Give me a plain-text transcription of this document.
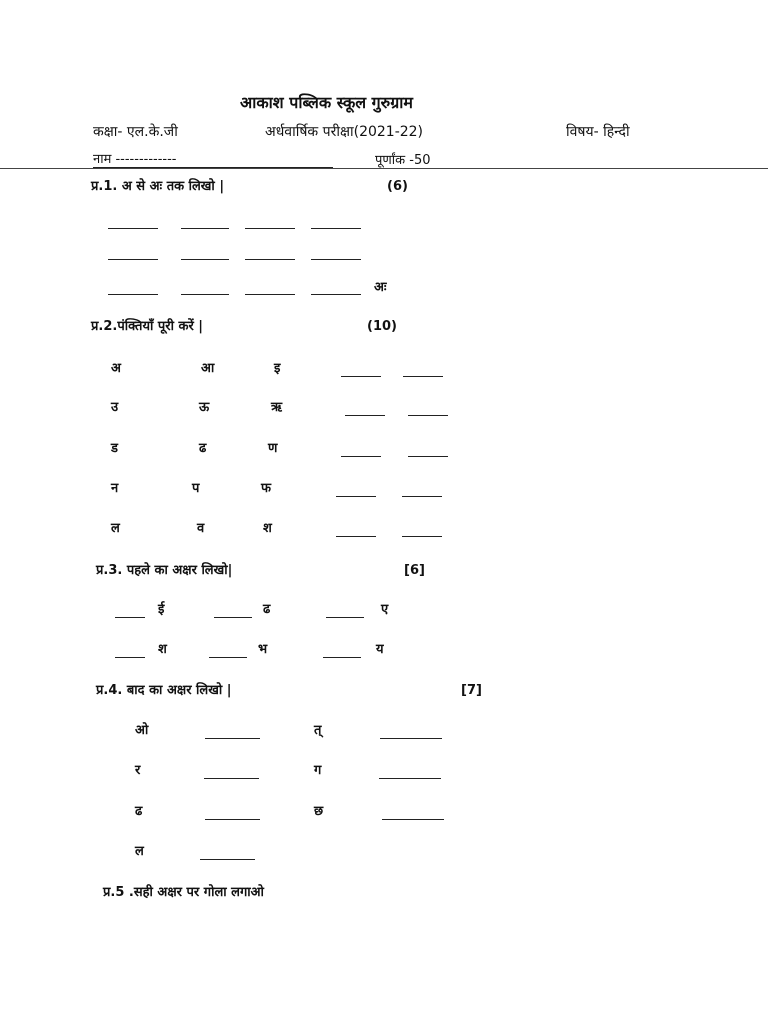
आकाश पब्लिक स्कूल गुरुग्राम
कक्षा- एल.के.जी	अर्धवार्षिक परीक्षा(2021-22)	विषय- हिन्दी
नाम -------------	पूर्णांक -50
प्र.1. अ से अः तक लिखो |	(6)
अः
प्र.2.पंक्तियाँ पूरी करें |	(10)
अ	आ	इ
उ	ऊ	ऋ
ड	ढ	ण
न	प	फ
ल	व	श
प्र.3. पहले का अक्षर लिखो|	[6]
ई	ढ	ए
श	भ	य
प्र.4. बाद का अक्षर लिखो |	[7]
ओ	त्
र	ग
ढ	छ
ल
प्र.5 .सही अक्षर पर गोला लगाओ
